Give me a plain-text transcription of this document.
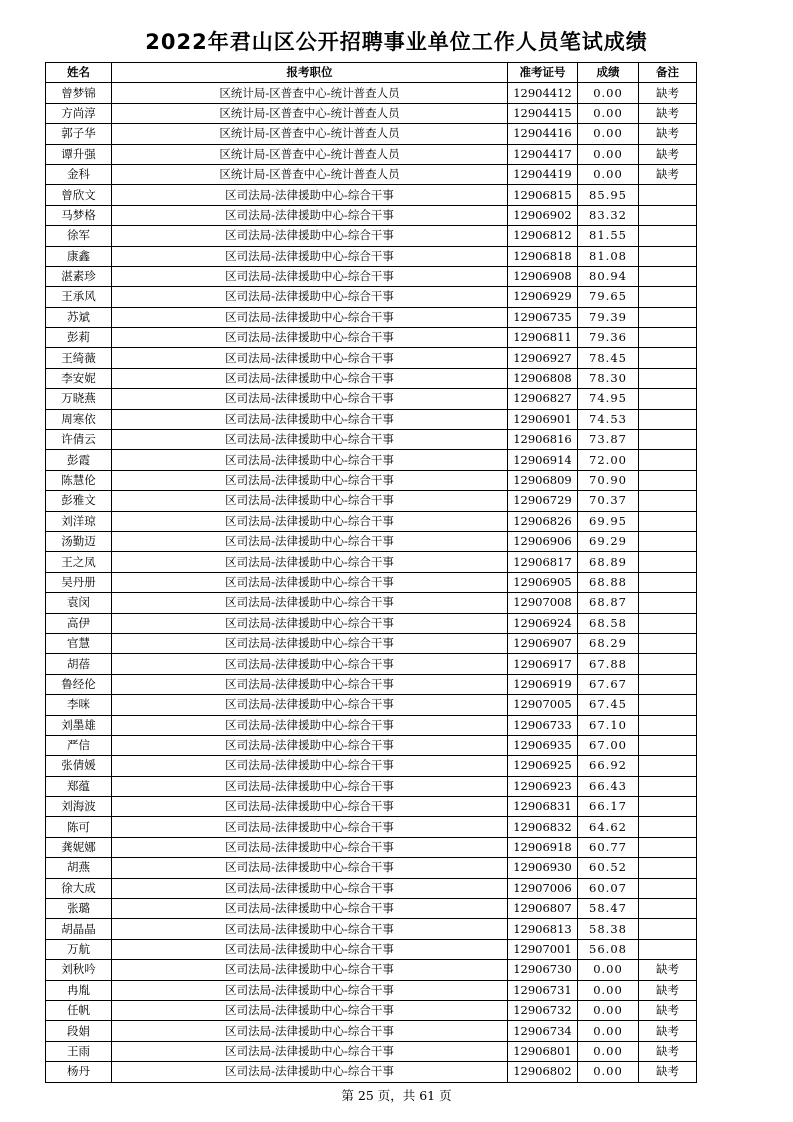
2022年君山区公开招聘事业单位工作人员笔试成绩
姓名	报考职位	准考证号	成绩	备注
曾梦锦	区统计局-区普查中心-统计普查人员	12904412	0.00	缺考
方尚淳	区统计局-区普查中心-统计普查人员	12904415	0.00	缺考
郭子华	区统计局-区普查中心-统计普查人员	12904416	0.00	缺考
谭升强	区统计局-区普查中心-统计普查人员	12904417	0.00	缺考
金科	区统计局-区普查中心-统计普查人员	12904419	0.00	缺考
曾欣文	区司法局-法律援助中心-综合干事	12906815	85.95	
马梦格	区司法局-法律援助中心-综合干事	12906902	83.32	
徐军	区司法局-法律援助中心-综合干事	12906812	81.55	
康鑫	区司法局-法律援助中心-综合干事	12906818	81.08	
湛素珍	区司法局-法律援助中心-综合干事	12906908	80.94	
王承风	区司法局-法律援助中心-综合干事	12906929	79.65	
苏斌	区司法局-法律援助中心-综合干事	12906735	79.39	
彭莉	区司法局-法律援助中心-综合干事	12906811	79.36	
王绮薇	区司法局-法律援助中心-综合干事	12906927	78.45	
李安妮	区司法局-法律援助中心-综合干事	12906808	78.30	
万晓燕	区司法局-法律援助中心-综合干事	12906827	74.95	
周寒依	区司法局-法律援助中心-综合干事	12906901	74.53	
许倩云	区司法局-法律援助中心-综合干事	12906816	73.87	
彭霞	区司法局-法律援助中心-综合干事	12906914	72.00	
陈慧伦	区司法局-法律援助中心-综合干事	12906809	70.90	
彭雅文	区司法局-法律援助中心-综合干事	12906729	70.37	
刘洋琼	区司法局-法律援助中心-综合干事	12906826	69.95	
汤勤迈	区司法局-法律援助中心-综合干事	12906906	69.29	
王之凤	区司法局-法律援助中心-综合干事	12906817	68.89	
吴丹册	区司法局-法律援助中心-综合干事	12906905	68.88	
袁闵	区司法局-法律援助中心-综合干事	12907008	68.87	
高伊	区司法局-法律援助中心-综合干事	12906924	68.58	
官慧	区司法局-法律援助中心-综合干事	12906907	68.29	
胡蓓	区司法局-法律援助中心-综合干事	12906917	67.88	
鲁经伦	区司法局-法律援助中心-综合干事	12906919	67.67	
李咪	区司法局-法律援助中心-综合干事	12907005	67.45	
刘墨雄	区司法局-法律援助中心-综合干事	12906733	67.10	
严信	区司法局-法律援助中心-综合干事	12906935	67.00	
张倩媛	区司法局-法律援助中心-综合干事	12906925	66.92	
郑蕴	区司法局-法律援助中心-综合干事	12906923	66.43	
刘海波	区司法局-法律援助中心-综合干事	12906831	66.17	
陈可	区司法局-法律援助中心-综合干事	12906832	64.62	
龚妮娜	区司法局-法律援助中心-综合干事	12906918	60.77	
胡燕	区司法局-法律援助中心-综合干事	12906930	60.52	
徐大成	区司法局-法律援助中心-综合干事	12907006	60.07	
张璐	区司法局-法律援助中心-综合干事	12906807	58.47	
胡晶晶	区司法局-法律援助中心-综合干事	12906813	58.38	
万航	区司法局-法律援助中心-综合干事	12907001	56.08	
刘秋吟	区司法局-法律援助中心-综合干事	12906730	0.00	缺考
冉胤	区司法局-法律援助中心-综合干事	12906731	0.00	缺考
任帆	区司法局-法律援助中心-综合干事	12906732	0.00	缺考
段娟	区司法局-法律援助中心-综合干事	12906734	0.00	缺考
王雨	区司法局-法律援助中心-综合干事	12906801	0.00	缺考
杨丹	区司法局-法律援助中心-综合干事	12906802	0.00	缺考
第 25 页，共 61 页
